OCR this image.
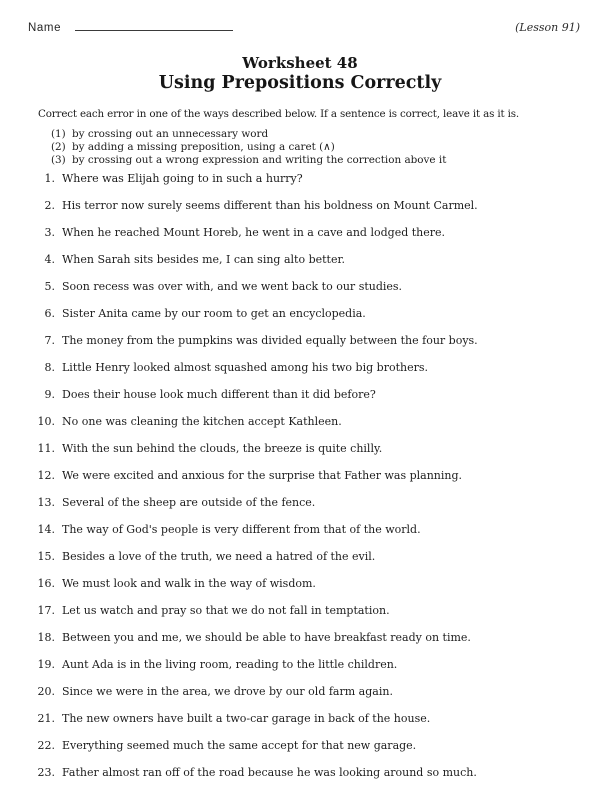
Name	(Lesson 91)
Worksheet 48
Using Prepositions Correctly

Correct each error in one of the ways described below. If a sentence is correct, leave it as it is.

(1) by crossing out an unnecessary word
(2) by adding a missing preposition, using a caret (∧)
(3) by crossing out a wrong expression and writing the correction above it
1. Where was Elijah going to in such a hurry?
2. His terror now surely seems different than his boldness on Mount Carmel.
3. When he reached Mount Horeb, he went in a cave and lodged there.
4. When Sarah sits besides me, I can sing alto better.
5. Soon recess was over with, and we went back to our studies.
6. Sister Anita came by our room to get an encyclopedia.
7. The money from the pumpkins was divided equally between the four boys.
8. Little Henry looked almost squashed among his two big brothers.
9. Does their house look much different than it did before?
10. No one was cleaning the kitchen accept Kathleen.
11. With the sun behind the clouds, the breeze is quite chilly.
12. We were excited and anxious for the surprise that Father was planning.
13. Several of the sheep are outside of the fence.
14. The way of God's people is very different from that of the world.
15. Besides a love of the truth, we need a hatred of the evil.
16. We must look and walk in the way of wisdom.
17. Let us watch and pray so that we do not fall in temptation.
18. Between you and me, we should be able to have breakfast ready on time.
19. Aunt Ada is in the living room, reading to the little children.
20. Since we were in the area, we drove by our old farm again.
21. The new owners have built a two-car garage in back of the house.
22. Everything seemed much the same accept for that new garage.
23. Father almost ran off of the road because he was looking around so much.
